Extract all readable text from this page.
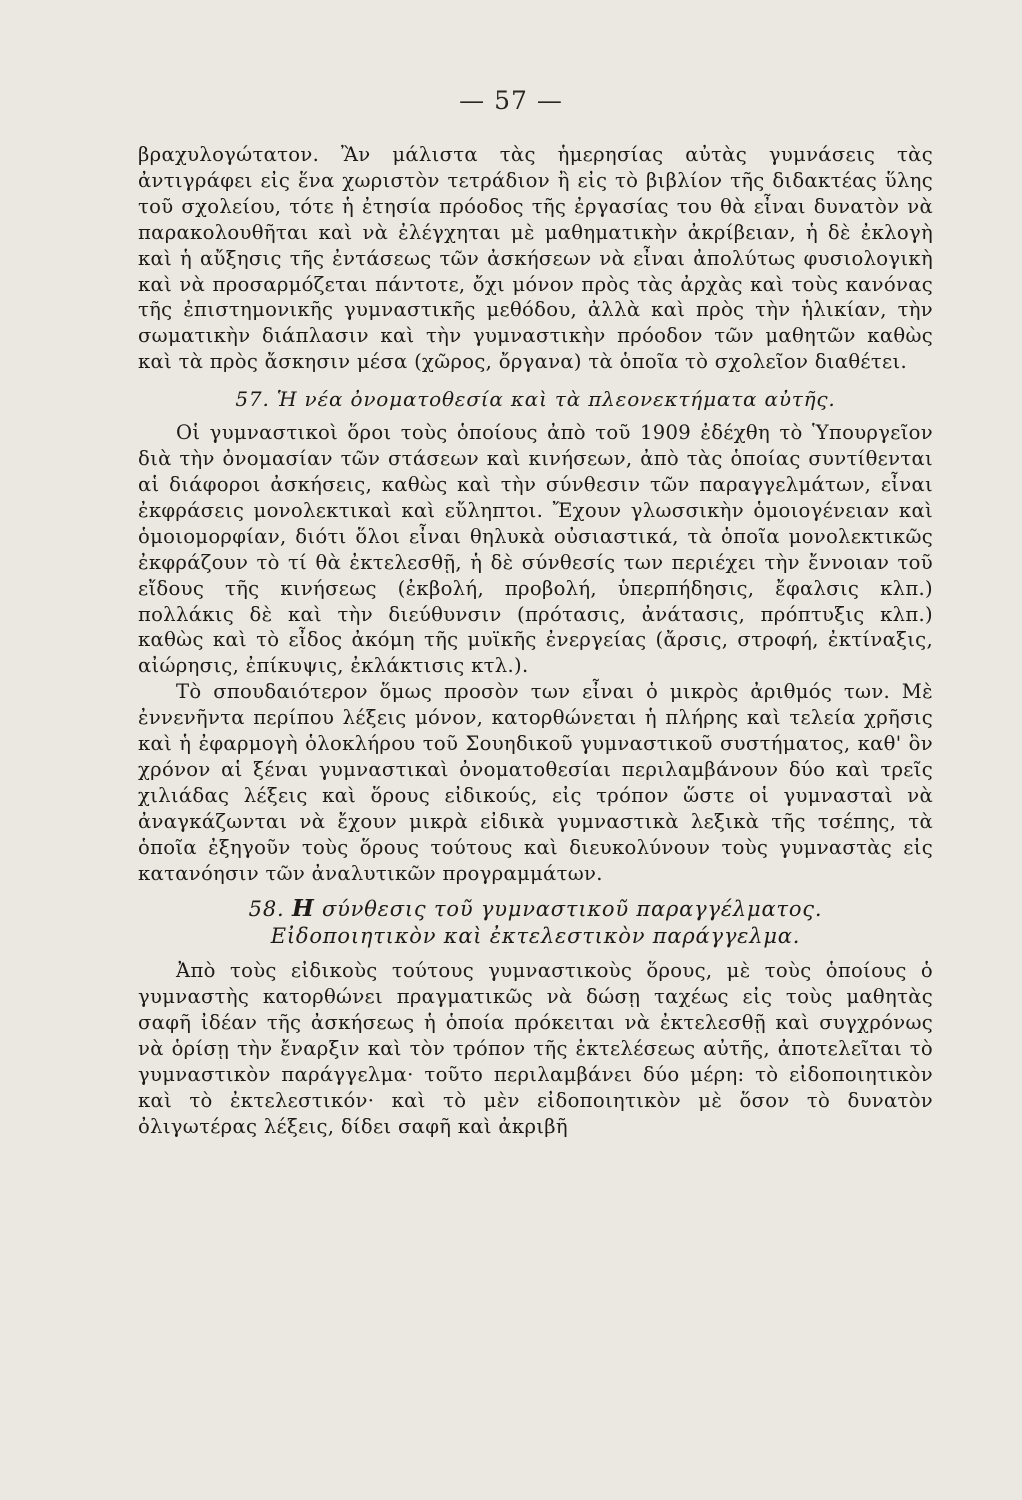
— 57 —

βραχυλογώτατον. Ἂν μάλιστα τὰς ἡμερησίας αὐτὰς γυμνάσεις τὰς ἀντιγράφει εἰς ἕνα χωριστὸν τετράδιον ἢ εἰς τὸ βιβλίον τῆς διδακτέας ὕλης τοῦ σχολείου, τότε ἡ ἐτησία πρόοδος τῆς ἐργασίας του θὰ εἶναι δυνατὸν νὰ παρακολουθῆται καὶ νὰ ἐλέγχηται μὲ μαθηματικὴν ἀκρίβειαν, ἡ δὲ ἐκλογὴ καὶ ἡ αὔξησις τῆς ἐντάσεως τῶν ἀσκήσεων νὰ εἶναι ἀπολύτως φυσιολογικὴ καὶ νὰ προσαρμόζεται πάντοτε, ὄχι μόνον πρὸς τὰς ἀρχὰς καὶ τοὺς κανόνας τῆς ἐπιστημονικῆς γυμναστικῆς μεθόδου, ἀλλὰ καὶ πρὸς τὴν ἡλικίαν, τὴν σωματικὴν διάπλασιν καὶ τὴν γυμναστικὴν πρόοδον τῶν μαθητῶν καθὼς καὶ τὰ πρὸς ἄσκησιν μέσα (χῶρος, ὄργανα) τὰ ὁποῖα τὸ σχολεῖον διαθέτει.

57. Ἡ νέα ὀνοματοθεσία καὶ τὰ πλεονεκτήματα αὐτῆς.

Οἱ γυμναστικοὶ ὅροι τοὺς ὁποίους ἀπὸ τοῦ 1909 ἐδέχθη τὸ Ὑπουργεῖον διὰ τὴν ὀνομασίαν τῶν στάσεων καὶ κινήσεων, ἀπὸ τὰς ὁποίας συντίθενται αἱ διάφοροι ἀσκήσεις, καθὼς καὶ τὴν σύνθεσιν τῶν παραγγελμάτων, εἶναι ἐκφράσεις μονολεκτικαὶ καὶ εὔληπτοι. Ἔχουν γλωσσικὴν ὁμοιογένειαν καὶ ὁμοιομορφίαν, διότι ὅλοι εἶναι θηλυκὰ οὐσιαστικά, τὰ ὁποῖα μονολεκτικῶς ἐκφράζουν τὸ τί θὰ ἐκτελεσθῇ, ἡ δὲ σύνθεσίς των περιέχει τὴν ἔννοιαν τοῦ εἴδους τῆς κινήσεως (ἐκβολή, προβολή, ὑπερπήδησις, ἔφαλσις κλπ.) πολλάκις δὲ καὶ τὴν διεύθυνσιν (πρότασις, ἀνάτασις, πρόπτυξις κλπ.) καθὼς καὶ τὸ εἶδος ἀκόμη τῆς μυϊκῆς ἐνεργείας (ἄρσις, στροφή, ἐκτίναξις, αἰώρησις, ἐπίκυψις, ἐκλάκτισις κτλ.).

Τὸ σπουδαιότερον ὅμως προσὸν των εἶναι ὁ μικρὸς ἀριθμός των. Μὲ ἐννενῆντα περίπου λέξεις μόνον, κατορθώνεται ἡ πλήρης καὶ τελεία χρῆσις καὶ ἡ ἐφαρμογὴ ὁλοκλήρου τοῦ Σουηδικοῦ γυμναστικοῦ συστήματος, καθ' ὃν χρόνον αἱ ξέναι γυμναστικαὶ ὀνοματοθεσίαι περιλαμβάνουν δύο καὶ τρεῖς χιλιάδας λέξεις καὶ ὅρους εἰδικούς, εἰς τρόπον ὥστε οἱ γυμνασταὶ νὰ ἀναγκάζωνται νὰ ἔχουν μικρὰ εἰδικὰ γυμναστικὰ λεξικὰ τῆς τσέπης, τὰ ὁποῖα ἐξηγοῦν τοὺς ὅρους τούτους καὶ διευκολύνουν τοὺς γυμναστὰς εἰς κατανόησιν τῶν ἀναλυτικῶν προγραμμάτων.

58. Η σύνθεσις τοῦ γυμναστικοῦ παραγγέλματος.
Εἰδοποιητικὸν καὶ ἐκτελεστικὸν παράγγελμα.

Ἀπὸ τοὺς εἰδικοὺς τούτους γυμναστικοὺς ὅρους, μὲ τοὺς ὁποίους ὁ γυμναστὴς κατορθώνει πραγματικῶς νὰ δώσῃ ταχέως εἰς τοὺς μαθητὰς σαφῆ ἰδέαν τῆς ἀσκήσεως ἡ ὁποία πρόκειται νὰ ἐκτελεσθῇ καὶ συγχρόνως νὰ ὁρίσῃ τὴν ἔναρξιν καὶ τὸν τρόπον τῆς ἐκτελέσεως αὐτῆς, ἀποτελεῖται τὸ γυμναστικὸν παράγγελμα· τοῦτο περιλαμβάνει δύο μέρη: τὸ εἰδοποιητικὸν καὶ τὸ ἐκτελεστικόν· καὶ τὸ μὲν εἰδοποιητικὸν μὲ ὅσον τὸ δυνατὸν ὀλιγωτέρας λέξεις, δίδει σαφῆ καὶ ἀκριβῆ
